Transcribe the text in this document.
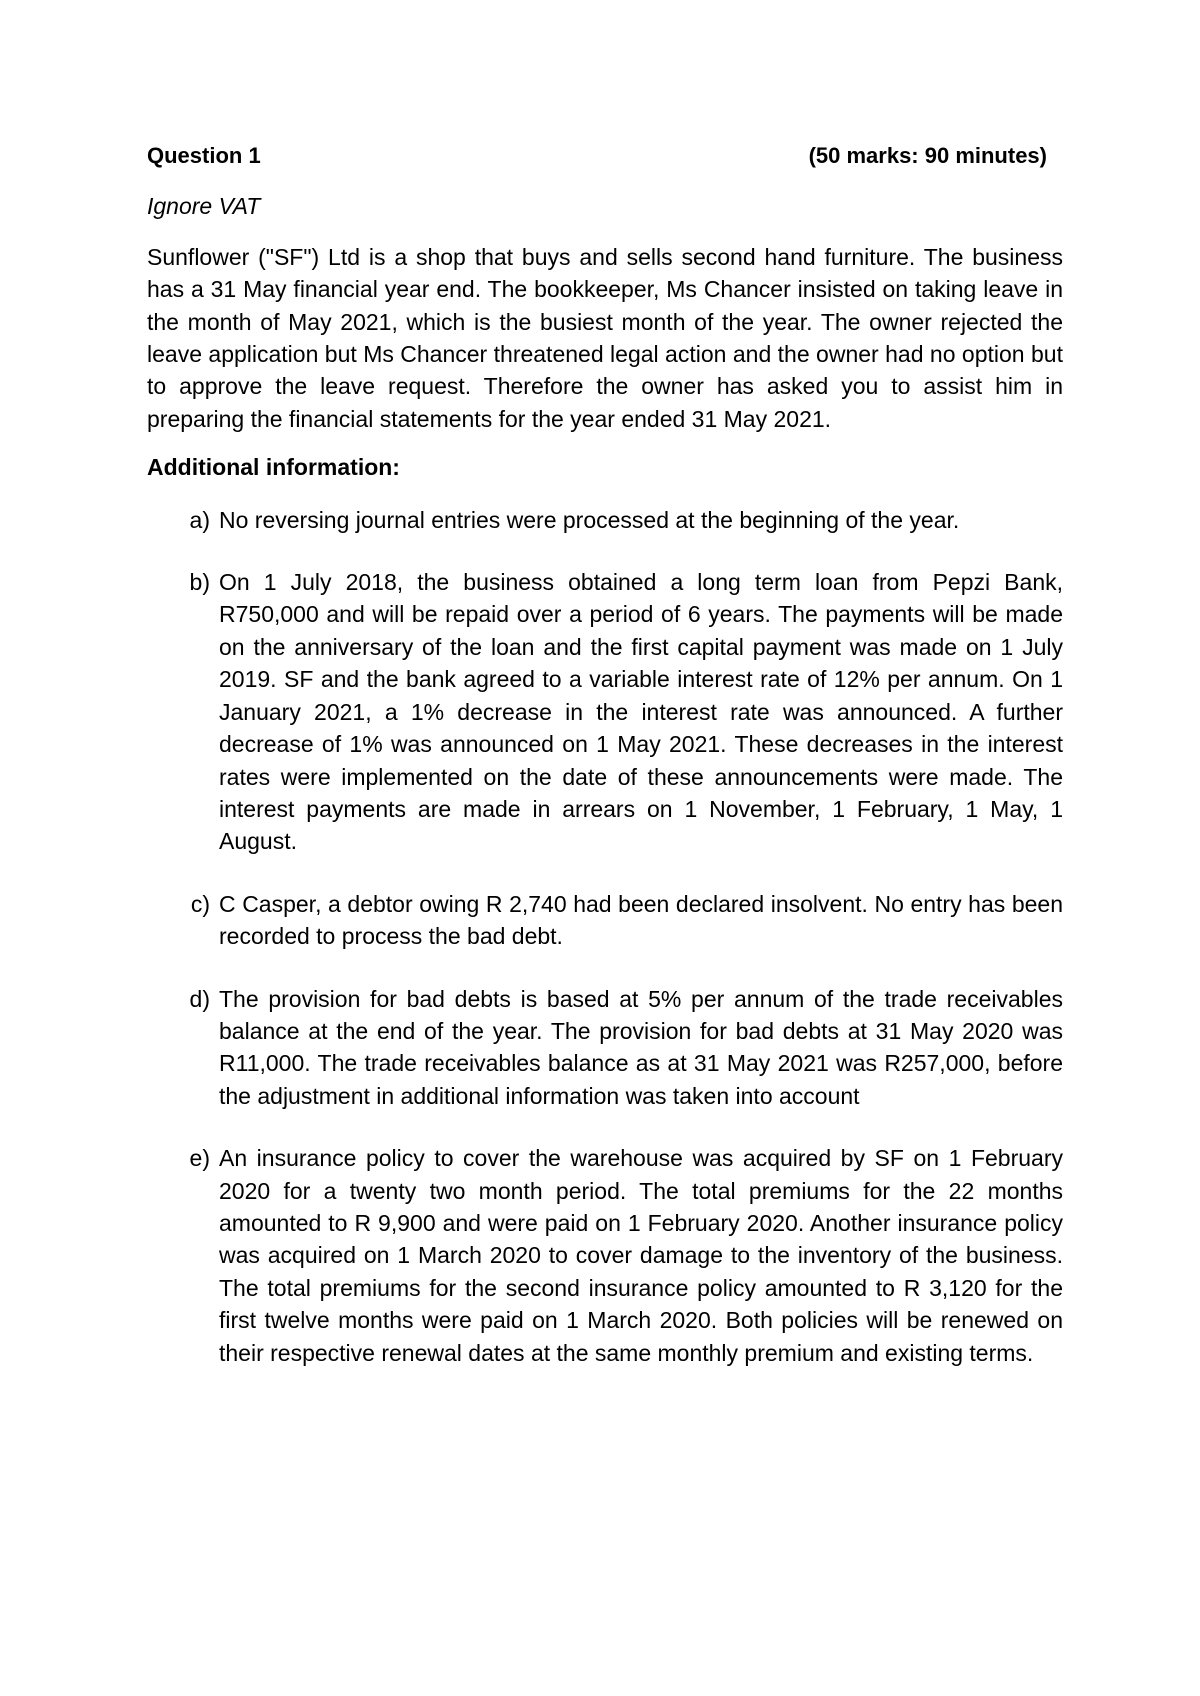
Question 1	(50 marks: 90 minutes)

Ignore VAT

Sunflower ("SF") Ltd is a shop that buys and sells second hand furniture. The business has a 31 May financial year end. The bookkeeper, Ms Chancer insisted on taking leave in the month of May 2021, which is the busiest month of the year. The owner rejected the leave application but Ms Chancer threatened legal action and the owner had no option but to approve the leave request. Therefore the owner has asked you to assist him in preparing the financial statements for the year ended 31 May 2021.

Additional information:

a) No reversing journal entries were processed at the beginning of the year.
b) On 1 July 2018, the business obtained a long term loan from Pepzi Bank, R750,000 and will be repaid over a period of 6 years. The payments will be made on the anniversary of the loan and the first capital payment was made on 1 July 2019. SF and the bank agreed to a variable interest rate of 12% per annum. On 1 January 2021, a 1% decrease in the interest rate was announced. A further decrease of 1% was announced on 1 May 2021. These decreases in the interest rates were implemented on the date of these announcements were made. The interest payments are made in arrears on 1 November, 1 February, 1 May, 1 August.
c) C Casper, a debtor owing R 2,740 had been declared insolvent. No entry has been recorded to process the bad debt.
d) The provision for bad debts is based at 5% per annum of the trade receivables balance at the end of the year. The provision for bad debts at 31 May 2020 was R11,000. The trade receivables balance as at 31 May 2021 was R257,000, before the adjustment in additional information was taken into account
e) An insurance policy to cover the warehouse was acquired by SF on 1 February 2020 for a twenty two month period. The total premiums for the 22 months amounted to R 9,900 and were paid on 1 February 2020. Another insurance policy was acquired on 1 March 2020 to cover damage to the inventory of the business. The total premiums for the second insurance policy amounted to R 3,120 for the first twelve months were paid on 1 March 2020. Both policies will be renewed on their respective renewal dates at the same monthly premium and existing terms.
